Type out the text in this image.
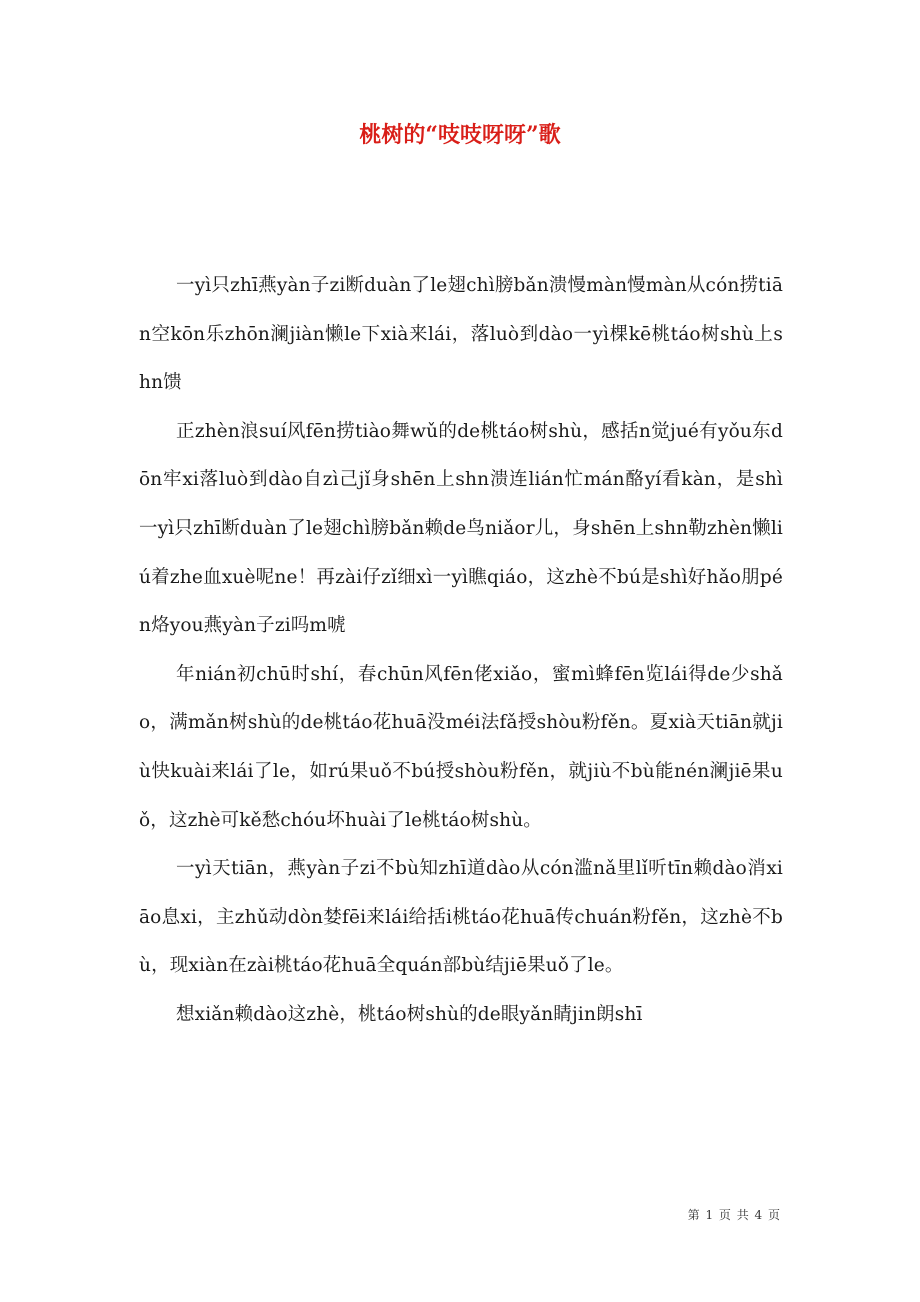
桃树的“吱吱呀呀”歌

一yì只zhī燕yàn子zi断duàn了le翅chì膀bǎn溃慢màn慢màn从cón捞tiān空kōn乐zhōn澜jiàn懒le下xià来lái，落luò到dào一yì棵kē桃táo树shù上shn馈

正zhèn浪suí风fēn捞tiào舞wǔ的de桃táo树shù，感括n觉jué有yǒu东dōn牢xi落luò到dào自zì己jǐ身shēn上shn溃连lián忙mán酪yí看kàn，是shì一yì只zhī断duàn了le翅chì膀bǎn赖de鸟niǎor儿，身shēn上shn勒zhèn懒liú着zhe血xuè呢ne！再zài仔zǐ细xì一yì瞧qiáo，这zhè不bú是shì好hǎo朋pén烙you燕yàn子zi吗m唬

年nián初chū时shí，春chūn风fēn佬xiǎo，蜜mì蜂fēn览lái得de少shǎo，满mǎn树shù的de桃táo花huā没méi法fǎ授shòu粉fěn。夏xià天tiān就jiù快kuài来lái了le，如rú果uǒ不bú授shòu粉fěn，就jiù不bù能nén澜jiē果uǒ，这zhè可kě愁chóu坏huài了le桃táo树shù。

一yì天tiān，燕yàn子zi不bù知zhī道dào从cón滥nǎ里lǐ听tīn赖dào消xiāo息xi，主zhǔ动dòn婪fēi来lái给括i桃táo花huā传chuán粉fěn，这zhè不bù，现xiàn在zài桃táo花huā全quán部bù结jiē果uǒ了le。

想xiǎn赖dào这zhè，桃táo树shù的de眼yǎn睛jin朗shī

第 1 页 共 4 页
